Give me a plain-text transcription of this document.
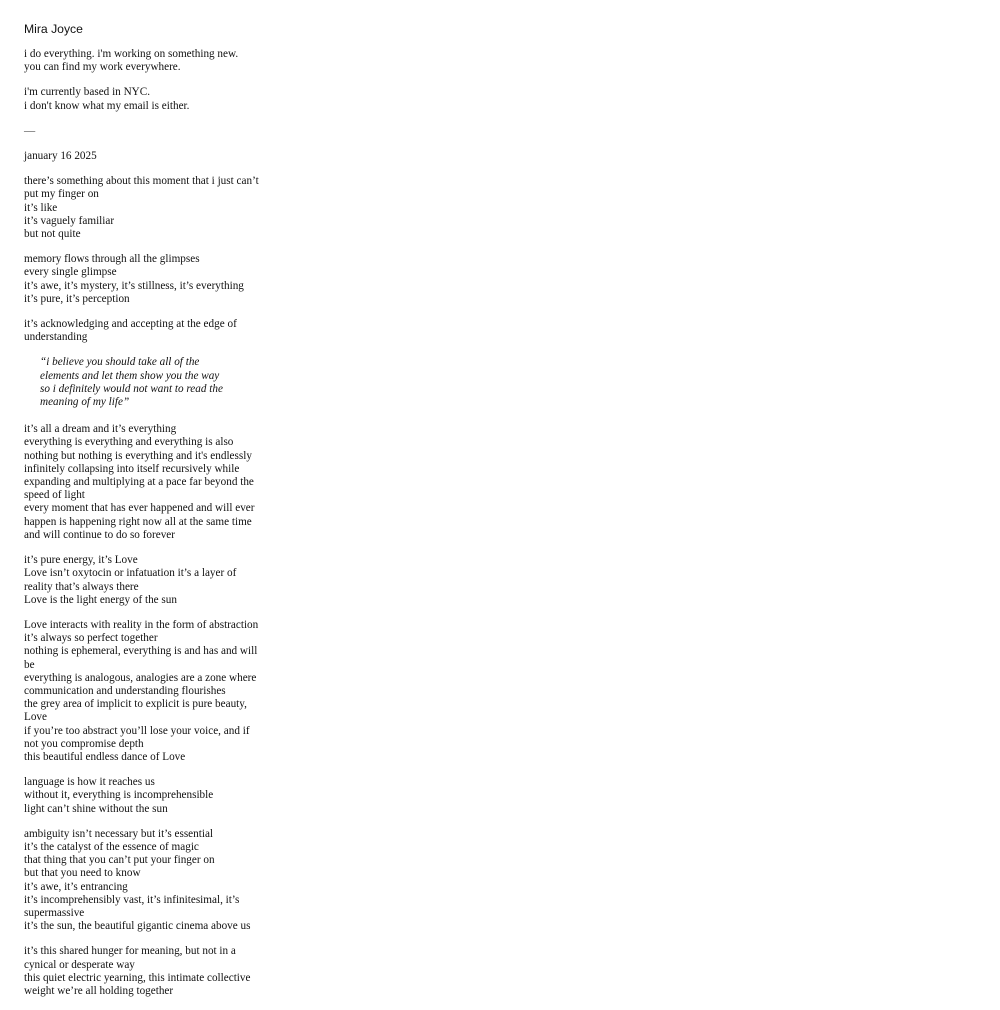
Mira Joyce

i do everything. i'm working on something new.
you can find my work everywhere.

i'm currently based in NYC.
i don't know what my email is either.

—
january 16 2025

there’s something about this moment that i just can’t
put my finger on
it’s like
it’s vaguely familiar
but not quite

memory flows through all the glimpses
every single glimpse
it’s awe, it’s mystery, it’s stillness, it’s everything
it’s pure, it’s perception

it’s acknowledging and accepting at the edge of
understanding

“i believe you should take all of the
elements and let them show you the way
so i definitely would not want to read the
meaning of my life”

it’s all a dream and it’s everything
everything is everything and everything is also
nothing but nothing is everything and it's endlessly
infinitely collapsing into itself recursively while
expanding and multiplying at a pace far beyond the
speed of light
every moment that has ever happened and will ever
happen is happening right now all at the same time
and will continue to do so forever

it’s pure energy, it’s Love
Love isn’t oxytocin or infatuation it’s a layer of
reality that’s always there
Love is the light energy of the sun

Love interacts with reality in the form of abstraction
it’s always so perfect together
nothing is ephemeral, everything is and has and will
be
everything is analogous, analogies are a zone where
communication and understanding flourishes
the grey area of implicit to explicit is pure beauty,
Love
if you’re too abstract you’ll lose your voice, and if
not you compromise depth
this beautiful endless dance of Love

language is how it reaches us
without it, everything is incomprehensible
light can’t shine without the sun

ambiguity isn’t necessary but it’s essential
it’s the catalyst of the essence of magic
that thing that you can’t put your finger on
but that you need to know
it’s awe, it’s entrancing
it’s incomprehensibly vast, it’s infinitesimal, it’s
supermassive
it’s the sun, the beautiful gigantic cinema above us

it’s this shared hunger for meaning, but not in a
cynical or desperate way
this quiet electric yearning, this intimate collective
weight we’re all holding together
